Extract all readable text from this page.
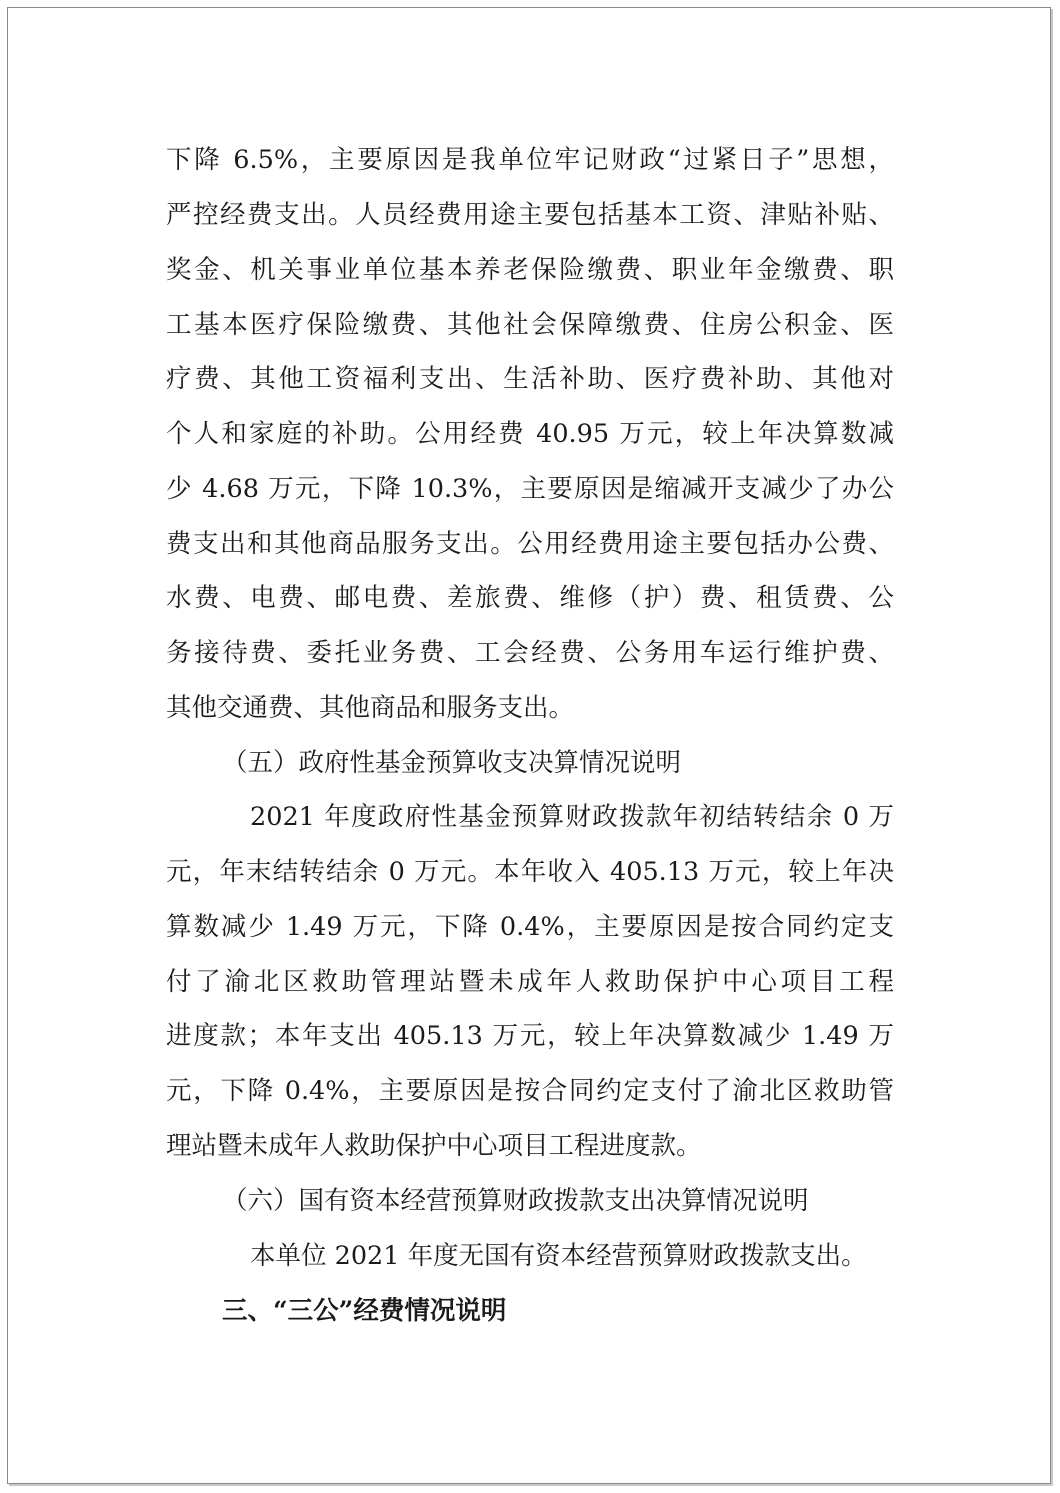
下降 6.5%，主要原因是我单位牢记财政“过紧日子”思想，
严控经费支出。人员经费用途主要包括基本工资、津贴补贴、
奖金、机关事业单位基本养老保险缴费、职业年金缴费、职
工基本医疗保险缴费、其他社会保障缴费、住房公积金、医
疗费、其他工资福利支出、生活补助、医疗费补助、其他对
个人和家庭的补助。公用经费 40.95 万元，较上年决算数减
少 4.68 万元，下降 10.3%，主要原因是缩减开支减少了办公
费支出和其他商品服务支出。公用经费用途主要包括办公费、
水费、电费、邮电费、差旅费、维修（护）费、租赁费、公
务接待费、委托业务费、工会经费、公务用车运行维护费、
其他交通费、其他商品和服务支出。
（五）政府性基金预算收支决算情况说明
2021 年度政府性基金预算财政拨款年初结转结余 0 万
元，年末结转结余 0 万元。本年收入 405.13 万元，较上年决
算数减少 1.49 万元，下降 0.4%，主要原因是按合同约定支
付了渝北区救助管理站暨未成年人救助保护中心项目工程
进度款；本年支出 405.13 万元，较上年决算数减少 1.49 万
元，下降 0.4%，主要原因是按合同约定支付了渝北区救助管
理站暨未成年人救助保护中心项目工程进度款。
（六）国有资本经营预算财政拨款支出决算情况说明
本单位 2021 年度无国有资本经营预算财政拨款支出。
三、“三公”经费情况说明
